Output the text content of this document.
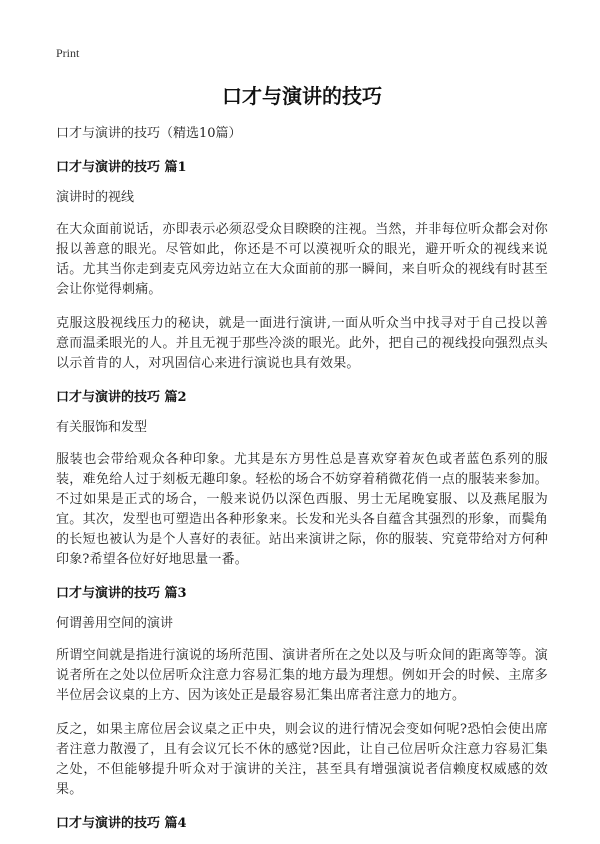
Print
口才与演讲的技巧
口才与演讲的技巧（精选10篇）
口才与演讲的技巧 篇1
演讲时的视线
在大众面前说话，亦即表示必须忍受众目睽睽的注视。当然，并非每位听众都会对你报以善意的眼光。尽管如此，你还是不可以漠视听众的眼光，避开听众的视线来说话。尤其当你走到麦克风旁边站立在大众面前的那一瞬间，来自听众的视线有时甚至会让你觉得刺痛。
克服这股视线压力的秘诀，就是一面进行演讲,一面从听众当中找寻对于自己投以善意而温柔眼光的人。并且无视于那些冷淡的眼光。此外，把自己的视线投向强烈点头以示首肯的人，对巩固信心来进行演说也具有效果。
口才与演讲的技巧 篇2
有关服饰和发型
服装也会带给观众各种印象。尤其是东方男性总是喜欢穿着灰色或者蓝色系列的服装，难免给人过于刻板无趣印象。轻松的场合不妨穿着稍微花俏一点的服装来参加。不过如果是正式的场合，一般来说仍以深色西服、男士无尾晚宴服、以及燕尾服为宜。其次，发型也可塑造出各种形象来。长发和光头各自蕴含其强烈的形象，而鬓角的长短也被认为是个人喜好的表征。站出来演讲之际，你的服装、究竟带给对方何种印象?希望各位好好地思量一番。
口才与演讲的技巧 篇3
何谓善用空间的演讲
所谓空间就是指进行演说的场所范围、演讲者所在之处以及与听众间的距离等等。演说者所在之处以位居听众注意力容易汇集的地方最为理想。例如开会的时候、主席多半位居会议桌的上方、因为该处正是最容易汇集出席者注意力的地方。
反之，如果主席位居会议桌之正中央，则会议的进行情况会变如何呢?恐怕会使出席者注意力散漫了，且有会议冗长不休的感觉?因此，让自己位居听众注意力容易汇集之处，不但能够提升听众对于演讲的关注，甚至具有增强演说者信赖度权威感的效果。
口才与演讲的技巧 篇4
